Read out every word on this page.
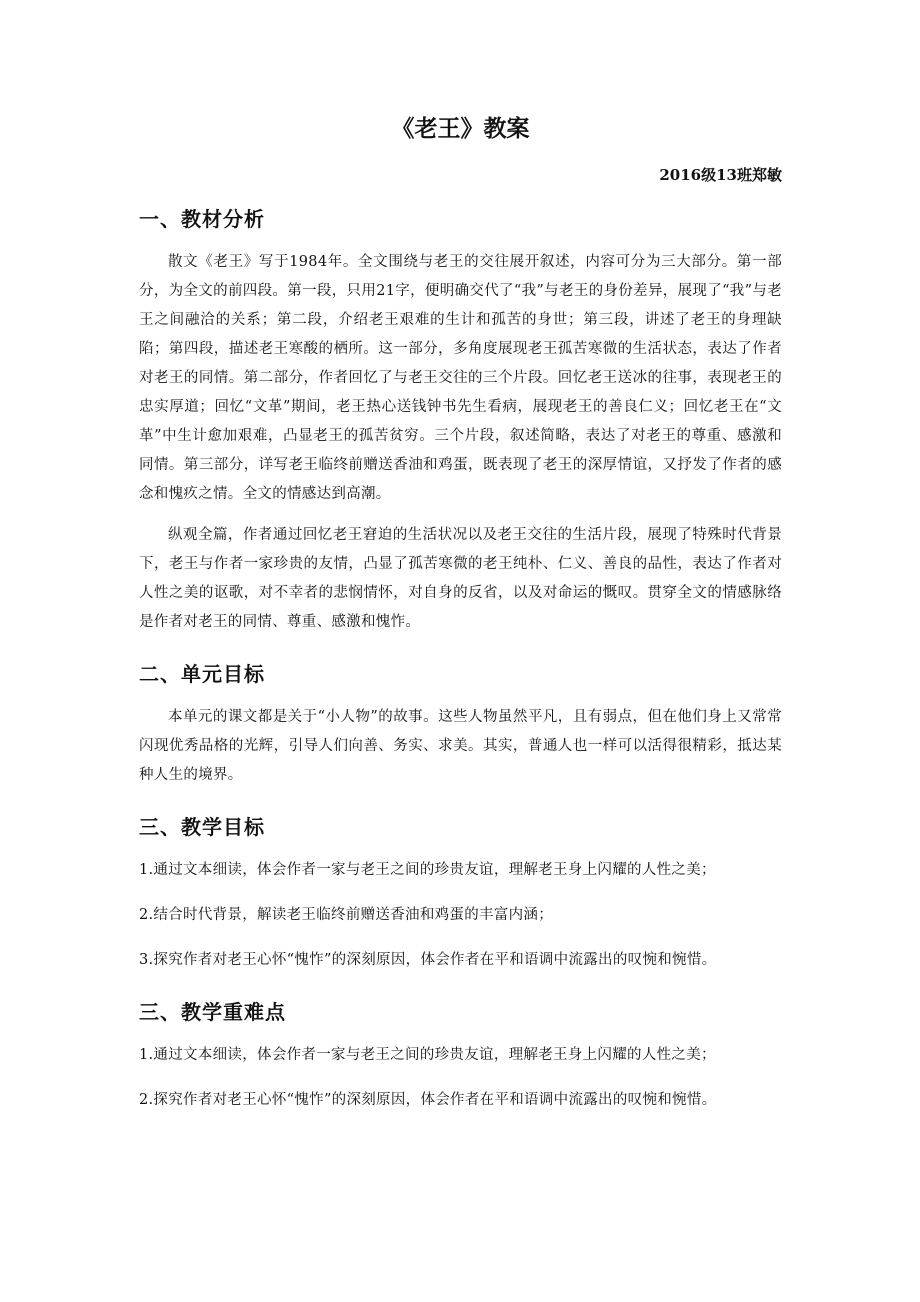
《老王》教案
2016级13班郑敏
一、教材分析

散文《老王》写于1984年。全文围绕与老王的交往展开叙述，内容可分为三大部分。第一部分，为全文的前四段。第一段，只用21字，便明确交代了“我”与老王的身份差异，展现了“我”与老王之间融洽的关系；第二段，介绍老王艰难的生计和孤苦的身世；第三段，讲述了老王的身理缺陷；第四段，描述老王寒酸的栖所。这一部分，多角度展现老王孤苦寒微的生活状态，表达了作者对老王的同情。第二部分，作者回忆了与老王交往的三个片段。回忆老王送冰的往事，表现老王的忠实厚道；回忆“文革”期间，老王热心送钱钟书先生看病，展现老王的善良仁义；回忆老王在“文革”中生计愈加艰难，凸显老王的孤苦贫穷。三个片段，叙述简略，表达了对老王的尊重、感激和同情。第三部分，详写老王临终前赠送香油和鸡蛋，既表现了老王的深厚情谊，又抒发了作者的感念和愧疚之情。全文的情感达到高潮。

纵观全篇，作者通过回忆老王窘迫的生活状况以及老王交往的生活片段，展现了特殊时代背景下，老王与作者一家珍贵的友情，凸显了孤苦寒微的老王纯朴、仁义、善良的品性，表达了作者对人性之美的讴歌，对不幸者的悲悯情怀，对自身的反省，以及对命运的慨叹。贯穿全文的情感脉络是作者对老王的同情、尊重、感激和愧怍。

二、单元目标

本单元的课文都是关于“小人物”的故事。这些人物虽然平凡，且有弱点，但在他们身上又常常闪现优秀品格的光辉，引导人们向善、务实、求美。其实，普通人也一样可以活得很精彩，抵达某种人生的境界。

三、教学目标

1.通过文本细读，体会作者一家与老王之间的珍贵友谊，理解老王身上闪耀的人性之美；

2.结合时代背景，解读老王临终前赠送香油和鸡蛋的丰富内涵；

3.探究作者对老王心怀“愧怍”的深刻原因，体会作者在平和语调中流露出的叹惋和惋惜。

三、教学重难点

1.通过文本细读，体会作者一家与老王之间的珍贵友谊，理解老王身上闪耀的人性之美；

2.探究作者对老王心怀“愧怍”的深刻原因，体会作者在平和语调中流露出的叹惋和惋惜。
